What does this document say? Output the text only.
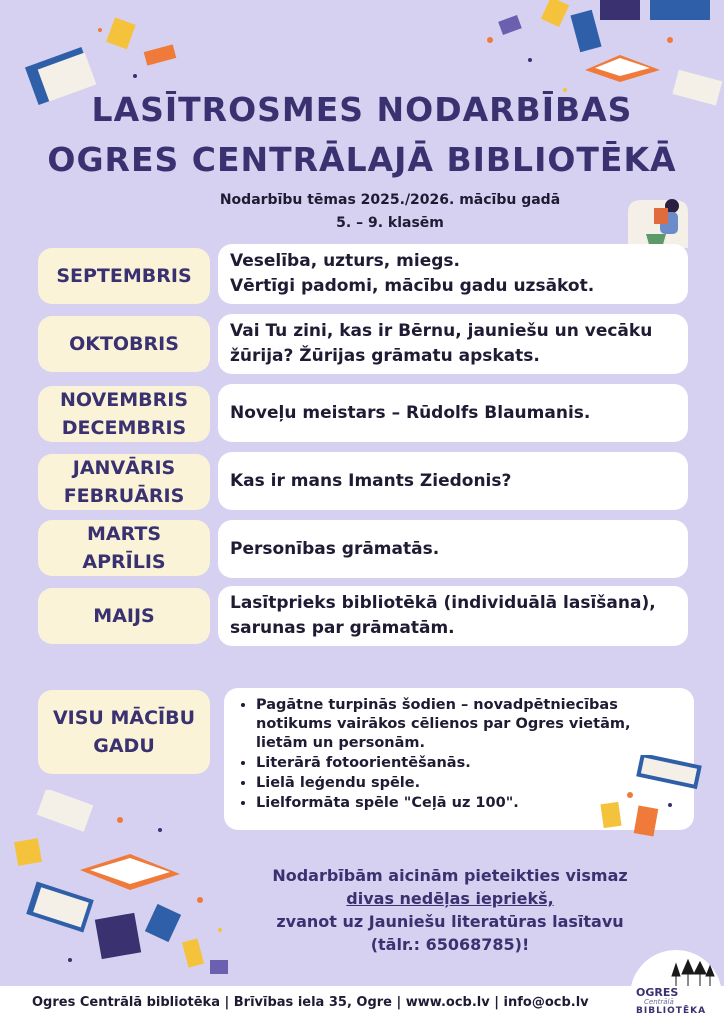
LASĪTROSMES NODARBĪBAS
OGRES CENTRĀLAJĀ BIBLIOTĒKĀ
Nodarbību tēmas 2025./2026. mācību gadā
5. – 9. klasēm
SEPTEMBRIS
Veselība, uzturs, miegs.
Vērtīgi padomi, mācību gadu uzsākot.
OKTOBRIS
Vai Tu zini, kas ir Bērnu, jauniešu un vecāku
žūrija? Žūrijas grāmatu apskats.
NOVEMBRIS
DECEMBRIS
Noveļu meistars – Rūdolfs Blaumanis.
JANVĀRIS
FEBRUĀRIS
Kas ir mans Imants Ziedonis?
MARTS
APRĪLIS
Personības grāmatās.
MAIJS
Lasītprieks bibliotēkā (individuālā lasīšana),
sarunas par grāmatām.
VISU MĀCĪBU
GADU
• Pagātne turpinās šodien – novadpētniecības notikums vairākos cēlienos par Ogres vietām, lietām un personām.
• Literārā fotoorientēšanās.
• Lielā leģendu spēle.
• Lielformāta spēle "Ceļā uz 100".
Nodarbībām aicinām pieteikties vismaz
divas nedēļas iepriekš,
zvanot uz Jauniešu literatūras lasītavu
(tālr.: 65068785)!
Ogres Centrālā bibliotēka | Brīvības iela 35, Ogre | www.ocb.lv | info@ocb.lv
OGRES
Centrālā
BIBLIOTĒKA
